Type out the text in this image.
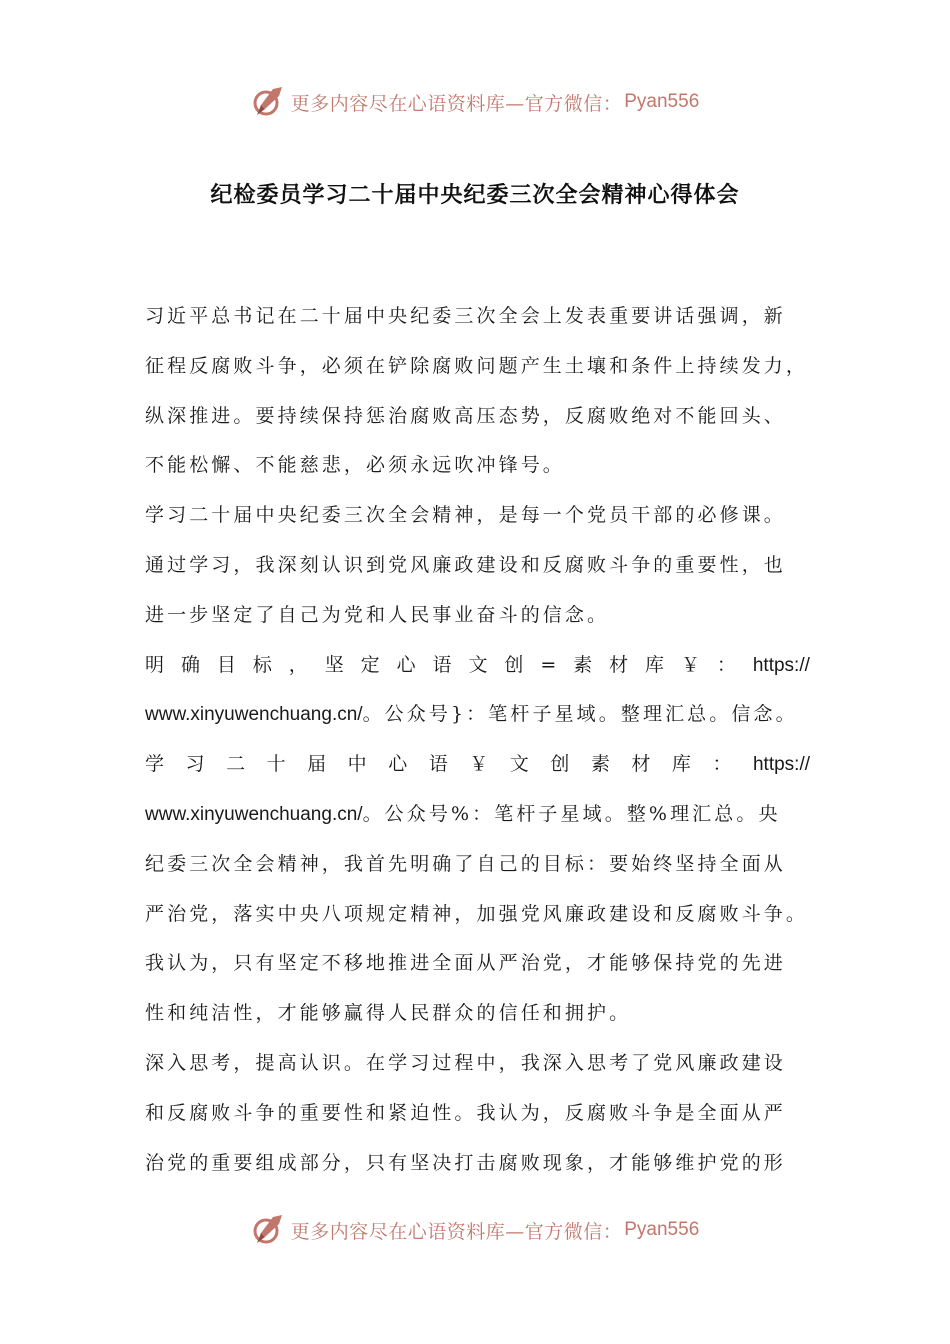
更多内容尽在心语资料库—官方微信： Pyan556
纪检委员学习二十届中央纪委三次全会精神心得体会
习近平总书记在二十届中央纪委三次全会上发表重要讲话强调，新
征程反腐败斗争，必须在铲除腐败问题产生土壤和条件上持续发力，
纵深推进。要持续保持惩治腐败高压态势，反腐败绝对不能回头、
不能松懈、不能慈悲，必须永远吹冲锋号。
学习二十届中央纪委三次全会精神，是每一个党员干部的必修课。
通过学习，我深刻认识到党风廉政建设和反腐败斗争的重要性，也
进一步坚定了自己为党和人民事业奋斗的信念。
明 确 目 标 ， 坚 定 心 语 文 创 = 素 材 库 ￥ ： https://
www.xinyuwenchuang.cn/。公众号}：笔杆子星域。整理汇总。信念。
学 习 二 十 届 中 心 语 ￥ 文 创 素 材 库 ： https://
www.xinyuwenchuang.cn/。公众号%：笔杆子星域。整%理汇总。央
纪委三次全会精神，我首先明确了自己的目标：要始终坚持全面从
严治党，落实中央八项规定精神，加强党风廉政建设和反腐败斗争。
我认为，只有坚定不移地推进全面从严治党，才能够保持党的先进
性和纯洁性，才能够赢得人民群众的信任和拥护。
深入思考，提高认识。在学习过程中，我深入思考了党风廉政建设
和反腐败斗争的重要性和紧迫性。我认为，反腐败斗争是全面从严
治党的重要组成部分，只有坚决打击腐败现象，才能够维护党的形
更多内容尽在心语资料库—官方微信： Pyan556
